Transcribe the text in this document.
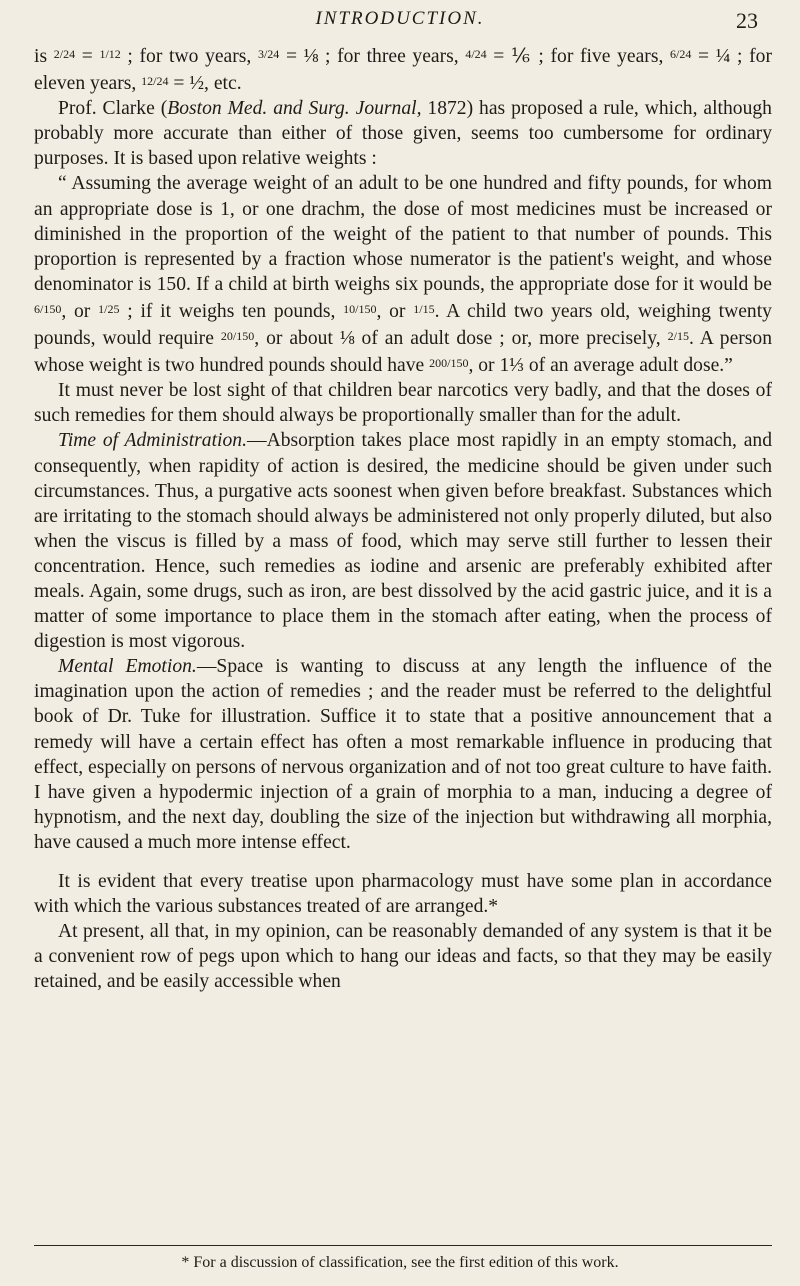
INTRODUCTION.	23

is $^{2/24}$ = $^{1/12}$ ; for two years, $^{3/24}$ = ⅛ ; for three years, $^{4/24}$ = ⅙ ; for five years, $^{6/24}$ = ¼ ; for eleven years, $^{12/24}$ = ½, etc.

Prof. Clarke (Boston Med. and Surg. Journal, 1872) has proposed a rule, which, although probably more accurate than either of those given, seems too cumbersome for ordinary purposes. It is based upon relative weights :

“ Assuming the average weight of an adult to be one hundred and fifty pounds, for whom an appropriate dose is 1, or one drachm, the dose of most medicines must be increased or diminished in the proportion of the weight of the patient to that number of pounds. This proportion is represented by a fraction whose numerator is the patient's weight, and whose denominator is 150. If a child at birth weighs six pounds, the appropriate dose for it would be $^{6/150}$, or $^{1/25}$ ; if it weighs ten pounds, $^{10/150}$, or $^{1/15}$. A child two years old, weighing twenty pounds, would require $^{20/150}$, or about ⅛ of an adult dose ; or, more precisely, $^{2/15}$. A person whose weight is two hundred pounds should have $^{200/150}$, or 1⅓ of an average adult dose.”

It must never be lost sight of that children bear narcotics very badly, and that the doses of such remedies for them should always be proportionally smaller than for the adult.

Time of Administration.—Absorption takes place most rapidly in an empty stomach, and consequently, when rapidity of action is desired, the medicine should be given under such circumstances. Thus, a purgative acts soonest when given before breakfast. Substances which are irritating to the stomach should always be administered not only properly diluted, but also when the viscus is filled by a mass of food, which may serve still further to lessen their concentration. Hence, such remedies as iodine and arsenic are preferably exhibited after meals. Again, some drugs, such as iron, are best dissolved by the acid gastric juice, and it is a matter of some importance to place them in the stomach after eating, when the process of digestion is most vigorous.

Mental Emotion.—Space is wanting to discuss at any length the influence of the imagination upon the action of remedies ; and the reader must be referred to the delightful book of Dr. Tuke for illustration. Suffice it to state that a positive announcement that a remedy will have a certain effect has often a most remarkable influence in producing that effect, especially on persons of nervous organization and of not too great culture to have faith. I have given a hypodermic injection of a grain of morphia to a man, inducing a degree of hypnotism, and the next day, doubling the size of the injection but withdrawing all morphia, have caused a much more intense effect.

It is evident that every treatise upon pharmacology must have some plan in accordance with which the various substances treated of are arranged.*

At present, all that, in my opinion, can be reasonably demanded of any system is that it be a convenient row of pegs upon which to hang our ideas and facts, so that they may be easily retained, and be easily accessible when

* For a discussion of classification, see the first edition of this work.
